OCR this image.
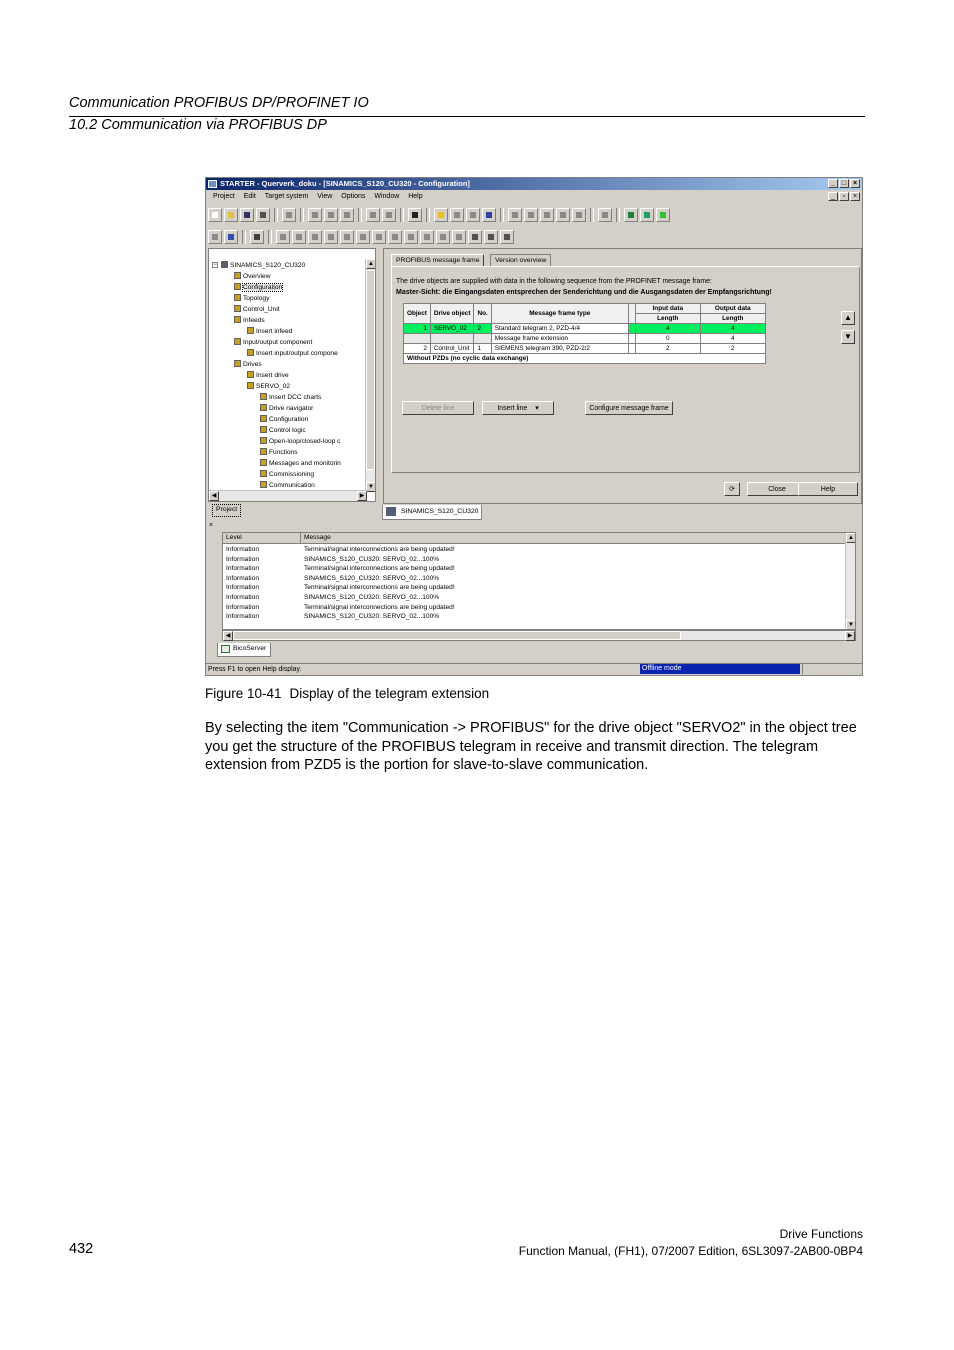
Communication PROFIBUS DP/PROFINET IO
10.2 Communication via PROFIBUS DP
STARTER - Querverk_doku - [SINAMICS_S120_CU320 - Configuration]	_ □ ×
Project Edit Target system View Options Window Help	_	▫	×
− SINAMICS_S120_CU320
Overview
Configuration
Topology
Control_Unit
Infeeds
Insert infeed
Input/output component
Insert input/output compone
Drives
Insert drive
SERVO_02
Insert DCC charts
Drive navigator
Configuration
Control logic
Open-loop/closed-loop c
Functions
Messages and monitorin
Commissioning
Communication
▲
▼
◀	▶
Project
PROFIBUS message frame	Version overview
The drive objects are supplied with data in the following sequence from the PROFINET message frame:
Master-Sicht: die Eingangsdaten entsprechen der Senderichtung und die Ausgangsdaten der Empfangsrichtung!
Object	Drive object	No.	Message frame type		Input data	Output data
					Length	Length
1	SERVO_02	2	Standard telegram 2, PZD-4/4		4	4
			Message frame extension		0	4
2	Control_Unit	1	SIEMENS telegram 390, PZD-2/2		2	2
Without PZDs (no cyclic data exchange)						
▲
▼
Delete line	Insert line ▾	Configure message frame
⟳	Close	Help
SINAMICS_S120_CU320
×
Level	Message
Information	Terminal/signal interconnections are being updated!
Information	SINAMICS_S120_CU320: SERVO_02...100%
Information	Terminal/signal interconnections are being updated!
Information	SINAMICS_S120_CU320: SERVO_02...100%
Information	Terminal/signal interconnections are being updated!
Information	SINAMICS_S120_CU320: SERVO_02...100%
Information	Terminal/signal interconnections are being updated!
Information	SINAMICS_S120_CU320: SERVO_02...100%
▲
▼
◀	▶
BicoServer
Press F1 to open Help display.	Offline mode
Figure 10-41 Display of the telegram extension
By selecting the item "Communication -> PROFIBUS" for the drive object "SERVO2" in the object tree you get the structure of the PROFIBUS telegram in receive and transmit direction. The telegram extension from PZD5 is the portion for slave-to-slave communication.
Drive Functions
Function Manual, (FH1), 07/2007 Edition, 6SL3097-2AB00-0BP4
432
